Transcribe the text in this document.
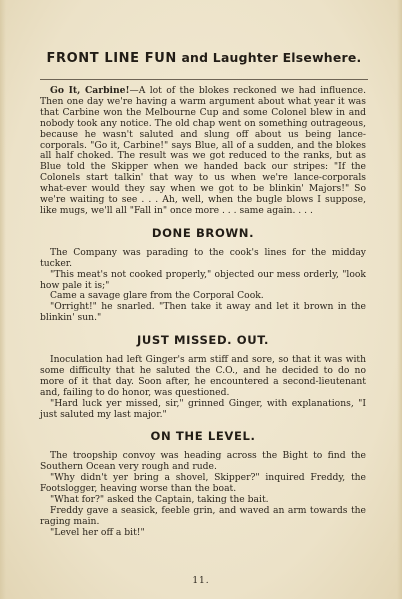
FRONT LINE FUN and Laughter Elsewhere.

Go It, Carbine!—A lot of the blokes reckoned we had influence. Then one day we're having a warm argument about what year it was that Carbine won the Melbourne Cup and some Colonel blew in and nobody took any notice. The old chap went on something outrageous, because he wasn't saluted and slung off about us being lance-corporals. "Go it, Carbine!" says Blue, all of a sudden, and the blokes all half choked. The result was we got reduced to the ranks, but as Blue told the Skipper when we handed back our stripes: "If the Colonels start talkin' that way to us when we're lance-corporals what-ever would they say when we got to be blinkin' Majors!" So we're waiting to see . . . Ah, well, when the bugle blows I suppose, like mugs, we'll all "Fall in" once more . . . same again. . . .

DONE BROWN.

The Company was parading to the cook's lines for the midday tucker.

"This meat's not cooked properly," objected our mess orderly, "look how pale it is;"

Came a savage glare from the Corporal Cook.

"Orright!" he snarled. "Then take it away and let it brown in the blinkin' sun."

JUST MISSED. OUT.

Inoculation had left Ginger's arm stiff and sore, so that it was with some difficulty that he saluted the C.O., and he decided to do no more of it that day. Soon after, he encountered a second-lieutenant and, failing to do honor, was questioned.

"Hard luck yer missed, sir," grinned Ginger, with explanations, "I just saluted my last major."

ON THE LEVEL.

The troopship convoy was heading across the Bight to find the Southern Ocean very rough and rude.

"Why didn't yer bring a shovel, Skipper?" inquired Freddy, the Footslogger, heaving worse than the boat.

"What for?" asked the Captain, taking the bait.

Freddy gave a seasick, feeble grin, and waved an arm towards the raging main.

"Level her off a bit!"

11.
